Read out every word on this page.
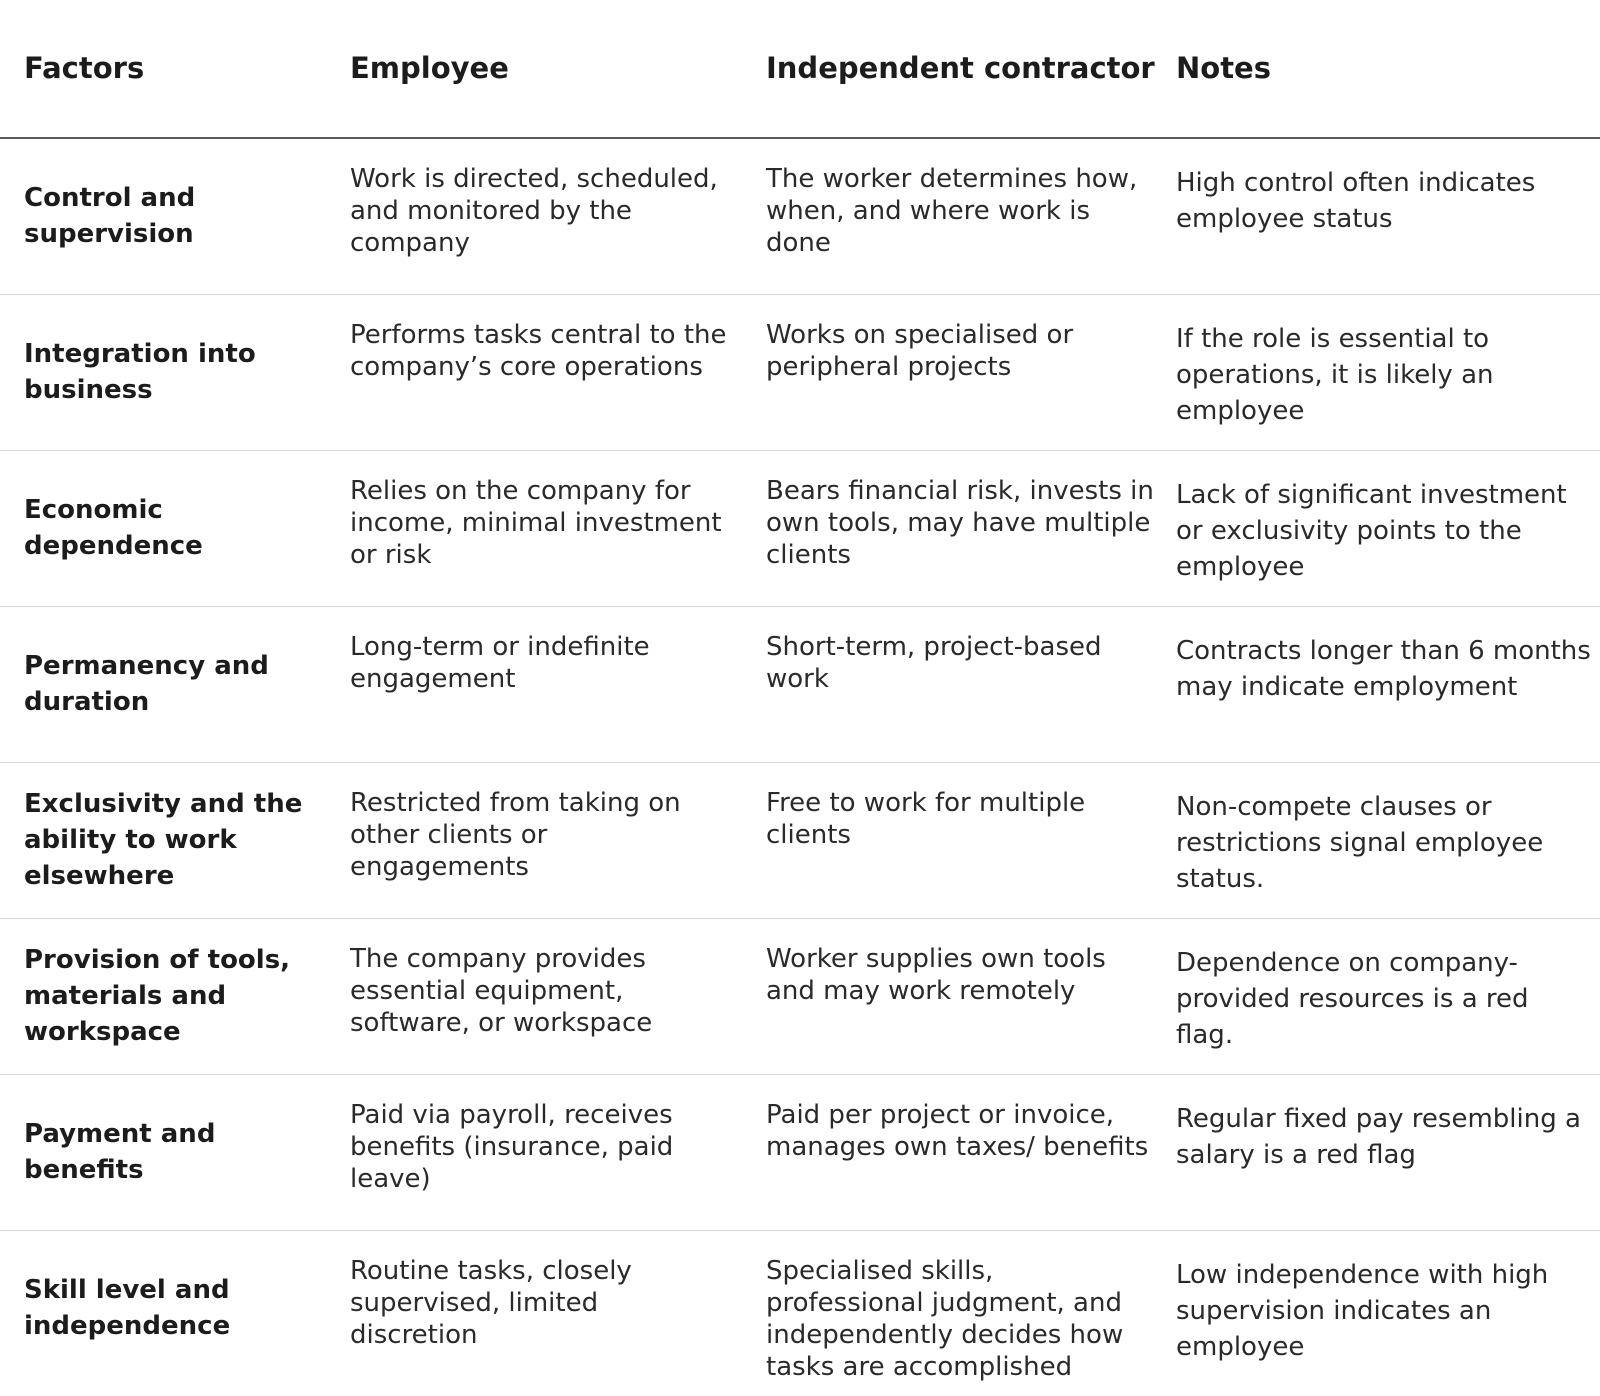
Factors	Employee	Independent contractor	Notes
Control and supervision	Work is directed, scheduled, and monitored by the company	The worker determines how, when, and where work is done	High control often indicates employee status
Integration into business	Performs tasks central to the company’s core operations	Works on specialised or peripheral projects	If the role is essential to operations, it is likely an employee
Economic dependence	Relies on the company for income, minimal investment or risk	Bears financial risk, invests in own tools, may have multiple clients	Lack of significant investment or exclusivity points to the employee
Permanency and duration	Long-term or indefinite engagement	Short-term, project-based work	Contracts longer than 6 months may indicate employment
Exclusivity and the ability to work elsewhere	Restricted from taking on other clients or engagements	Free to work for multiple clients	Non-compete clauses or restrictions signal employee status.
Provision of tools, materials and workspace	The company provides essential equipment, software, or workspace	Worker supplies own tools and may work remotely	Dependence on company-provided resources is a red flag.
Payment and benefits	Paid via payroll, receives benefits (insurance, paid leave)	Paid per project or invoice, manages own taxes/ benefits	Regular fixed pay resembling a salary is a red flag
Skill level and independence	Routine tasks, closely supervised, limited discretion	Specialised skills, professional judgment, and independently decides how tasks are accomplished	Low independence with high supervision indicates an employee
